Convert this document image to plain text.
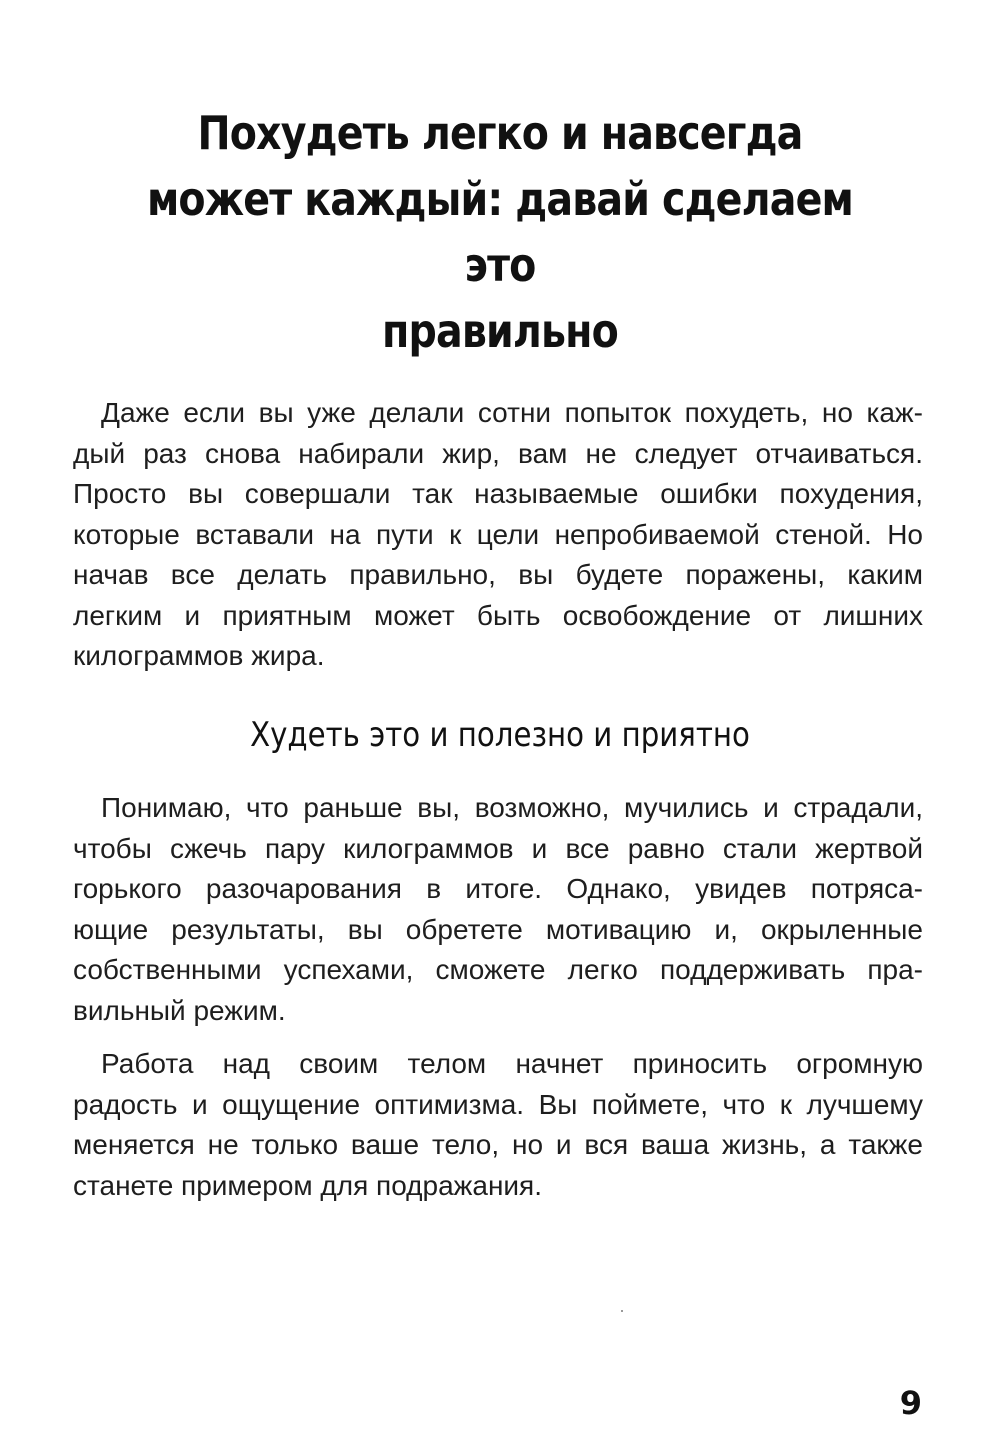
Похудеть легко и навсегда
может каждый: давай сделаем это
правильно

Даже если вы уже делали сотни попыток похудеть, но каж-
дый раз снова набирали жир, вам не следует отчаиваться.
Просто вы совершали так называемые ошибки похудения,
которые вставали на пути к цели непробиваемой стеной. Но
начав все делать правильно, вы будете поражены, каким
легким и приятным может быть освобождение от лишних
килограммов жира.

Худеть это и полезно и приятно

Понимаю, что раньше вы, возможно, мучились и страдали,
чтобы сжечь пару килограммов и все равно стали жертвой
горького разочарования в итоге. Однако, увидев потряса-
ющие результаты, вы обретете мотивацию и, окрыленные
собственными успехами, сможете легко поддерживать пра-
вильный режим.

Работа над своим телом начнет приносить огромную
радость и ощущение оптимизма. Вы поймете, что к лучшему
меняется не только ваше тело, но и вся ваша жизнь, а также
станете примером для подражания.

9
